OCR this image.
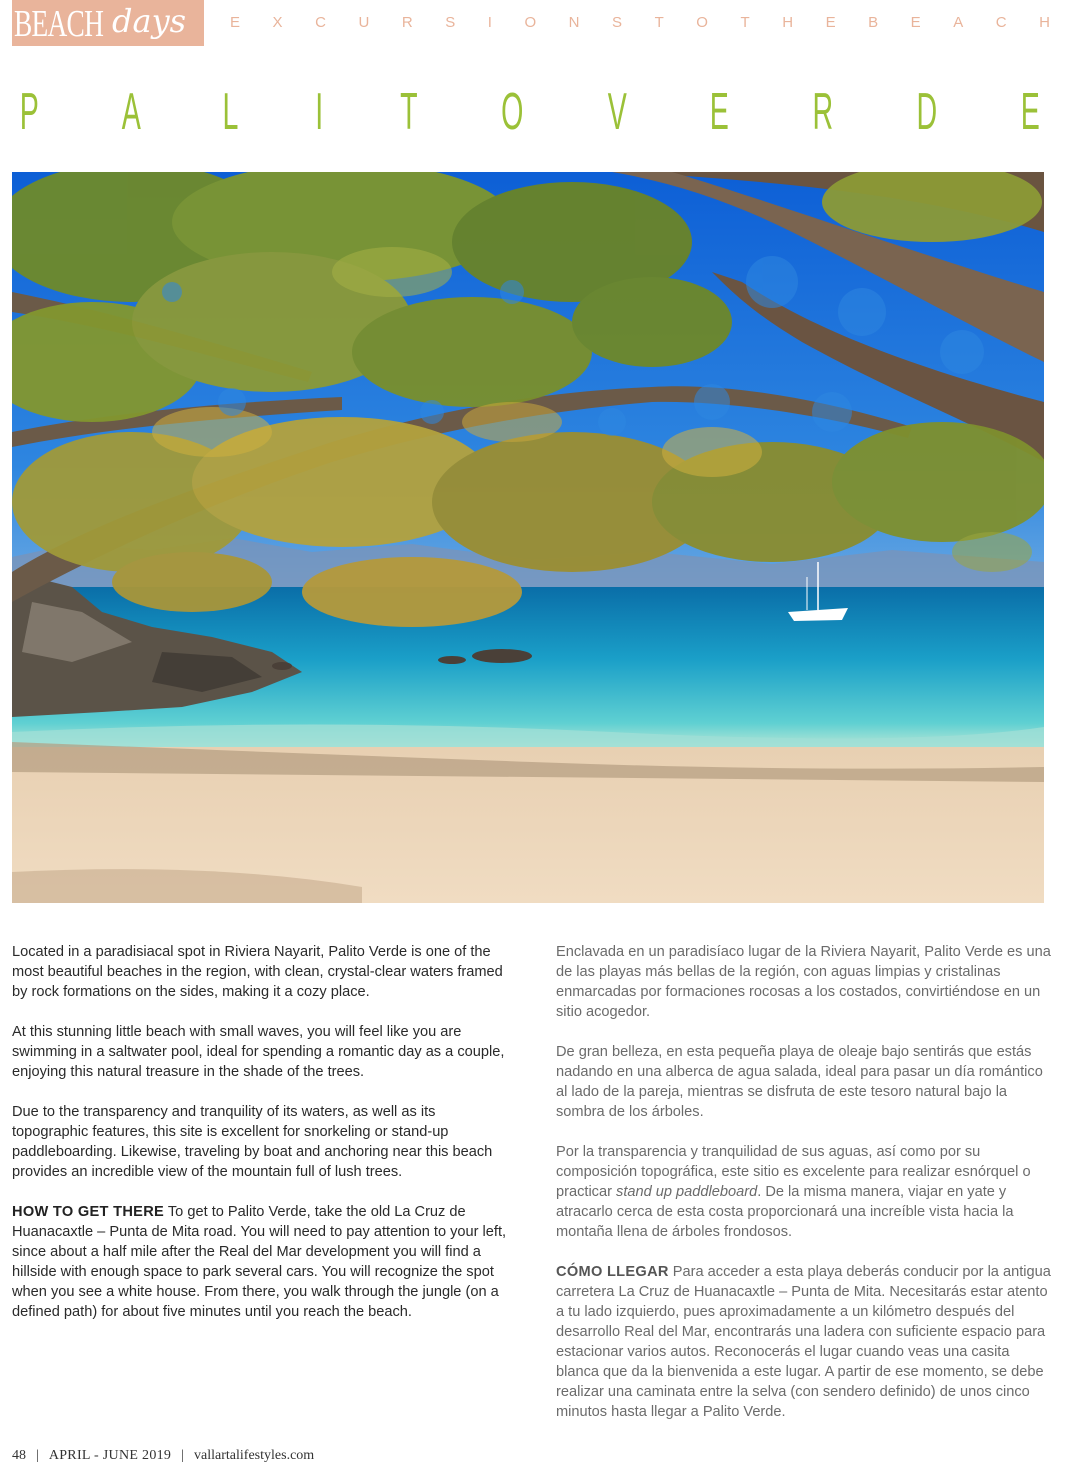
BEACH days	E X C U R S I O N S T O T H E B E A C H
P A L I T O V E R D E

Located in a paradisiacal spot in Riviera Nayarit, Palito Verde is one of the most beautiful beaches in the region, with clean, crystal-clear waters framed by rock formations on the sides, making it a cozy place.

At this stunning little beach with small waves, you will feel like you are swimming in a saltwater pool, ideal for spending a romantic day as a couple, enjoying this natural treasure in the shade of the trees.

Due to the transparency and tranquility of its waters, as well as its topographic features, this site is excellent for snorkeling or stand-up paddleboarding. Likewise, traveling by boat and anchoring near this beach provides an incredible view of the mountain full of lush trees.

HOW TO GET THERE To get to Palito Verde, take the old La Cruz de Huanacaxtle – Punta de Mita road. You will need to pay attention to your left, since about a half mile after the Real del Mar development you will find a hillside with enough space to park several cars. You will recognize the spot when you see a white house. From there, you walk through the jungle (on a defined path) for about five minutes until you reach the beach.

Enclavada en un paradisíaco lugar de la Riviera Nayarit, Palito Verde es una de las playas más bellas de la región, con aguas limpias y cristalinas enmarcadas por formaciones rocosas a los costados, convirtiéndose en un sitio acogedor.

De gran belleza, en esta pequeña playa de oleaje bajo sentirás que estás nadando en una alberca de agua salada, ideal para pasar un día romántico al lado de la pareja, mientras se disfruta de este tesoro natural bajo la sombra de los árboles.

Por la transparencia y tranquilidad de sus aguas, así como por su composición topográfica, este sitio es excelente para realizar esnórquel o practicar stand up paddleboard. De la misma manera, viajar en yate y atracarlo cerca de esta costa proporcionará una increíble vista hacia la montaña llena de árboles frondosos.

CÓMO LLEGAR Para acceder a esta playa deberás conducir por la antigua carretera La Cruz de Huanacaxtle – Punta de Mita. Necesitarás estar atento a tu lado izquierdo, pues aproximadamente a un kilómetro después del desarrollo Real del Mar, encontrarás una ladera con suficiente espacio para estacionar varios autos. Reconocerás el lugar cuando veas una casita blanca que da la bienvenida a este lugar. A partir de ese momento, se debe realizar una caminata entre la selva (con sendero definido) de unos cinco minutos hasta llegar a Palito Verde.

48 | APRIL - JUNE 2019 | vallartalifestyles.com
